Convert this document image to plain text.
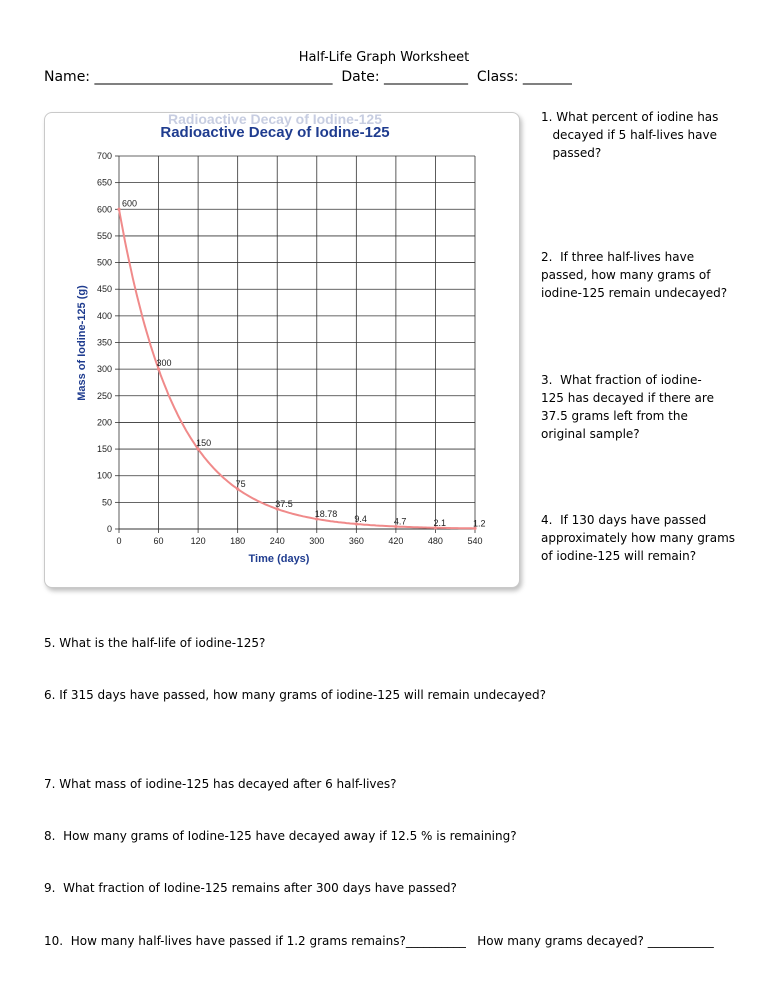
Half-Life Graph Worksheet
Name: __________________________________  Date: ____________  Class: _______
Radioactive Decay of Iodine-125
Radioactive Decay of Iodine-125
0
50
100
150
200
250
300
350
400
450
500
550
600
650
700
0	60	120	180	240	300	360	420	480	540
600
300
150
75
37.5
18.78 9.4	4.7	2.1	1.2
Time (days)
Mass of Iodine-125 (g)
1. What percent of iodine has
decayed if 5 half-lives have
passed?
2.  If three half-lives have
passed, how many grams of
iodine-125 remain undecayed?
3.  What fraction of iodine-
125 has decayed if there are
37.5 grams left from the
original sample?
4.  If 130 days have passed
approximately how many grams
of iodine-125 will remain?
5. What is the half-life of iodine-125?
6. If 315 days have passed, how many grams of iodine-125 will remain undecayed?
7. What mass of iodine-125 has decayed after 6 half-lives?
8.  How many grams of Iodine-125 have decayed away if 12.5 % is remaining?
9.  What fraction of Iodine-125 remains after 300 days have passed?
10.  How many half-lives have passed if 1.2 grams remains?__________   How many grams decayed? ___________
